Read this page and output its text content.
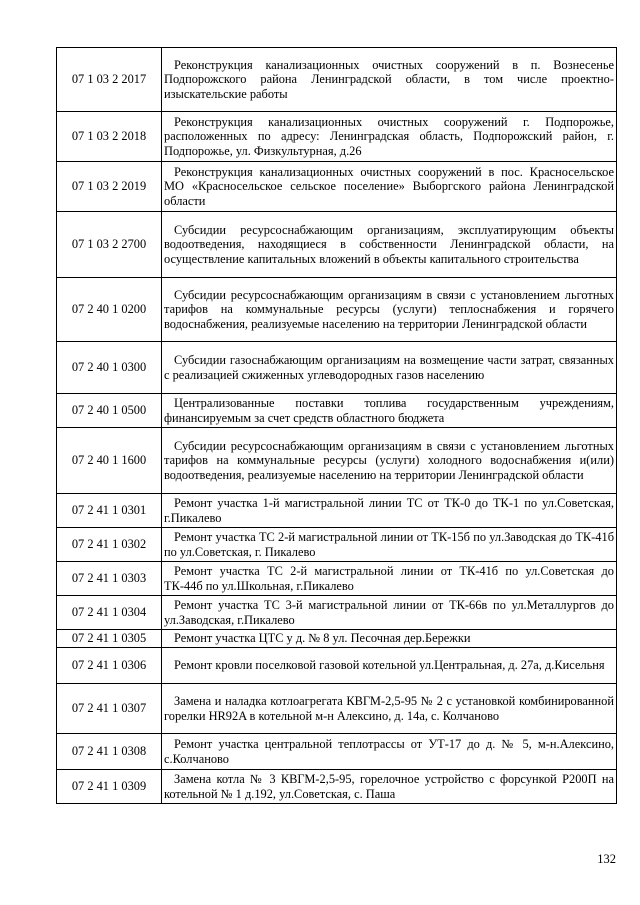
07 1 03 2 2017	Реконструкция канализационных очистных сооружений в п. Вознесенье Подпорожского района Ленинградской области, в том числе проектно-изыскательские работы

07 1 03 2 2018	Реконструкция канализационных очистных сооружений г. Подпорожье, расположенных по адресу: Ленинградская область, Подпорожский район, г. Подпорожье, ул. Физкультурная, д.26

07 1 03 2 2019	Реконструкция канализационных очистных сооружений в пос. Красносельское МО «Красносельское сельское поселение» Выборгского района Ленинградской области

07 1 03 2 2700	Субсидии ресурсоснабжающим организациям, эксплуатирующим объекты водоотведения, находящиеся в собственности Ленинградской области, на осуществление капитальных вложений в объекты капитального строительства

07 2 40 1 0200	Субсидии ресурсоснабжающим организациям в связи с установлением льготных тарифов на коммунальные ресурсы (услуги) теплоснабжения и горячего водоснабжения, реализуемые населению на территории Ленинградской области

07 2 40 1 0300	Субсидии газоснабжающим организациям на возмещение части затрат, связанных с реализацией сжиженных углеводородных газов населению

07 2 40 1 0500	Централизованные поставки топлива государственным учреждениям, финансируемым за счет средств областного бюджета

07 2 40 1 1600	Субсидии ресурсоснабжающим организациям в связи с установлением льготных тарифов на коммунальные ресурсы (услуги) холодного водоснабжения и(или) водоотведения, реализуемые населению на территории Ленинградской области

07 2 41 1 0301	Ремонт участка 1-й магистральной линии ТС от ТК-0 до ТК-1 по ул.Советская, г.Пикалево

07 2 41 1 0302	Ремонт участка ТС 2-й магистральной линии от ТК-15б по ул.Заводская до ТК-41б по ул.Советская, г. Пикалево

07 2 41 1 0303	Ремонт участка ТС 2-й магистральной линии от ТК-41б по ул.Советская до ТК-44б по ул.Школьная, г.Пикалево

07 2 41 1 0304	Ремонт участка ТС 3-й магистральной линии от ТК-66в по ул.Металлургов до ул.Заводская, г.Пикалево

07 2 41 1 0305	Ремонт участка ЦТС у д. № 8 ул. Песочная дер.Бережки

07 2 41 1 0306	Ремонт кровли поселковой газовой котельной ул.Центральная, д. 27а, д.Кисельня

07 2 41 1 0307	Замена и наладка котлоагрегата КВГМ-2,5-95 № 2 с установкой комбинированной горелки HR92A в котельной м-н Алексино, д. 14а, с. Колчаново

07 2 41 1 0308	Ремонт участка центральной теплотрассы от УТ-17 до д. № 5, м-н.Алексино, с.Колчаново

07 2 41 1 0309	Замена котла № 3 КВГМ-2,5-95, горелочное устройство с форсункой Р200П на котельной № 1 д.192, ул.Советская, с. Паша
132
